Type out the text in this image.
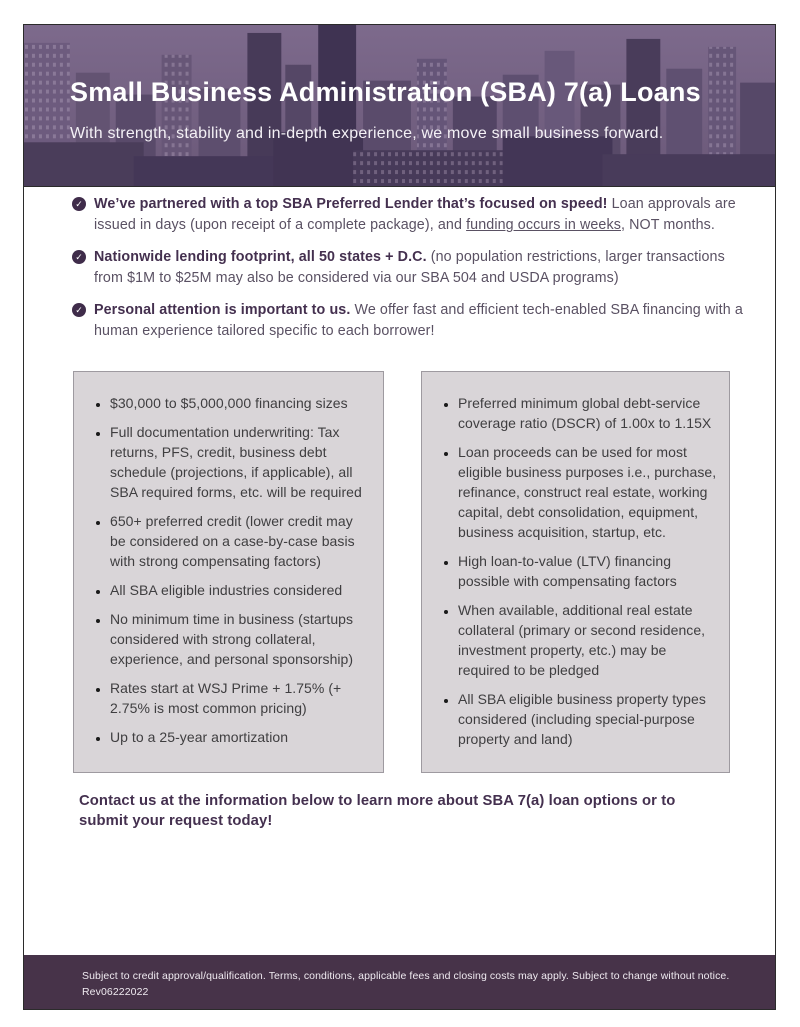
Small Business Administration (SBA) 7(a) Loans
With strength, stability and in-depth experience, we move small business forward.
✓ We’ve partnered with a top SBA Preferred Lender that’s focused on speed! Loan approvals are issued in days (upon receipt of a complete package), and funding occurs in weeks, NOT months.

✓ Nationwide lending footprint, all 50 states + D.C. (no population restrictions, larger transactions from $1M to $25M may also be considered via our SBA 504 and USDA programs)

✓ Personal attention is important to us. We offer fast and efficient tech-enabled SBA financing with a human experience tailored specific to each borrower!

• $30,000 to $5,000,000 financing sizes
• Full documentation underwriting: Tax returns, PFS, credit, business debt schedule (projections, if applicable), all SBA required forms, etc. will be required
• 650+ preferred credit (lower credit may be considered on a case-by-case basis with strong compensating factors)
• All SBA eligible industries considered
• No minimum time in business (startups considered with strong collateral, experience, and personal sponsorship)
• Rates start at WSJ Prime + 1.75% (+ 2.75% is most common pricing)
• Up to a 25-year amortization
• Preferred minimum global debt-service coverage ratio (DSCR) of 1.00x to 1.15X
• Loan proceeds can be used for most eligible business purposes i.e., purchase, refinance, construct real estate, working capital, debt consolidation, equipment, business acquisition, startup, etc.
• High loan-to-value (LTV) financing possible with compensating factors
• When available, additional real estate collateral (primary or second residence, investment property, etc.) may be required to be pledged
• All SBA eligible business property types considered (including special-purpose property and land)

Contact us at the information below to learn more about SBA 7(a) loan options or to submit your request today!

Subject to credit approval/qualification. Terms, conditions, applicable fees and closing costs may apply. Subject to change without notice.

Rev06222022
